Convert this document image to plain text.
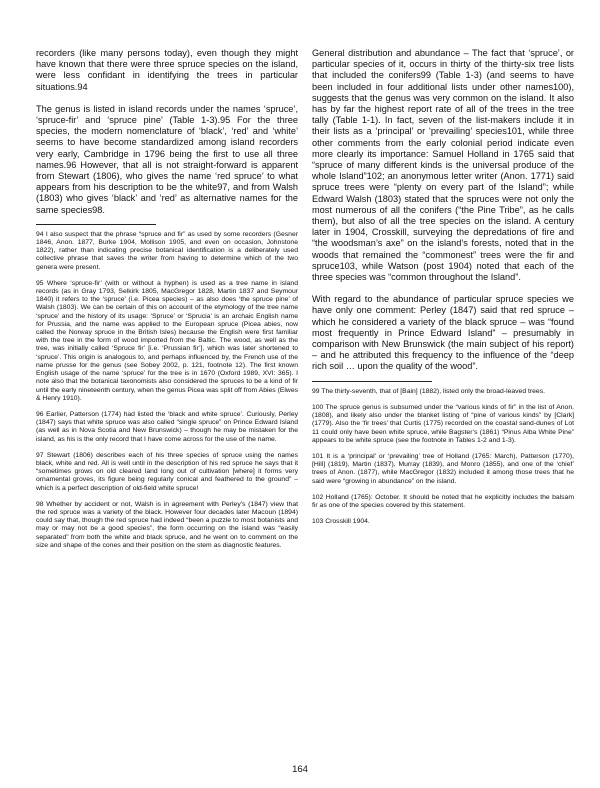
recorders (like many persons today), even though they might have known that there were three spruce species on the island, were less confidant in identifying the trees in particular situations.94

The genus is listed in island records under the names ‘spruce’, ‘spruce-fir’ and ‘spruce pine’ (Table 1-3).95 For the three species, the modern nomenclature of ‘black’, ‘red’ and ‘white’ seems to have become standardized among island recorders very early, Cambridge in 1796 being the first to use all three names.96 However, that all is not straight-forward is apparent from Stewart (1806), who gives the name ‘red spruce’ to what appears from his description to be the white97, and from Walsh (1803) who gives ‘black’ and ‘red’ as alternative names for the same species98.

94 I also suspect that the phrase “spruce and fir” as used by some recorders (Gesner 1846, Anon. 1877, Burke 1904, Mollison 1905, and even on occasion, Johnstone 1822), rather than indicating precise botanical identification is a deliberately used collective phrase that saves the writer from having to determine which of the two genera were present.

95 Where ‘spruce-fir’ (with or without a hyphen) is used as a tree name in island records (as in Gray 1793, Selkirk 1805, MacGregor 1828, Martin 1837 and Seymour 1840) it refers to the ‘spruce’ (i.e. Picea species) – as also does ‘the spruce pine’ of Walsh (1803). We can be certain of this on account of the etymology of the tree name ‘spruce’ and the history of its usage: ‘Spruce’ or ‘Sprucia’ is an archaic English name for Prussia, and the name was applied to the European spruce (Picea abies, now called the Norway spruce in the British Isles) because the English were first familiar with the tree in the form of wood imported from the Baltic. The wood, as well as the tree, was initially called ‘Spruce fir’ [i.e. ‘Prussian fir’], which was later shortened to ‘spruce’. This origin is analogous to, and perhaps influenced by, the French use of the name prusse for the genus (see Sobey 2002, p. 121, footnote 12). The first known English usage of the name ‘spruce’ for the tree is in 1670 (Oxford 1989, XVI: 365). I note also that the botanical taxonomists also considered the spruces to be a kind of fir until the early nineteenth century, when the genus Picea was split off from Abies (Elwes & Henry 1910).

96 Earlier, Patterson (1774) had listed the ‘black and white spruce’. Curiously, Perley (1847) says that white spruce was also called “single spruce” on Prince Edward Island (as well as in Nova Scotia and New Brunswick) – though he may be mistaken for the island, as his is the only record that I have come across for the use of the name.

97 Stewart (1806) describes each of his three species of spruce using the names black, white and red. All is well until in the description of his red spruce he says that it “sometimes grows on old cleared land long out of cultivation [where] it forms very ornamental groves, its figure being regularly conical and feathered to the ground” – which is a perfect description of old-field white spruce!

98 Whether by accident or not, Walsh is in agreement with Perley’s (1847) view that the red spruce was a variety of the black. However four decades later Macoun (1894) could say that, though the red spruce had indeed “been a puzzle to most botanists and may or may not be a good species”, the form occurring on the island was “easily separated” from both the white and black spruce, and he went on to comment on the size and shape of the cones and their position on the stem as diagnostic features.

General distribution and abundance – The fact that ‘spruce’, or particular species of it, occurs in thirty of the thirty-six tree lists that included the conifers99 (Table 1-3) (and seems to have been included in four additional lists under other names100), suggests that the genus was very common on the island. It also has by far the highest report rate of all of the trees in the tree tally (Table 1-1). In fact, seven of the list-makers include it in their lists as a ‘principal’ or ‘prevailing’ species101, while three other comments from the early colonial period indicate even more clearly its importance: Samuel Holland in 1765 said that “spruce of many different kinds is the universal produce of the whole Island”102; an anonymous letter writer (Anon. 1771) said spruce trees were “plenty on every part of the Island”; while Edward Walsh (1803) stated that the spruces were not only the most numerous of all the conifers (“the Pine Tribe”, as he calls them), but also of all the tree species on the island. A century later in 1904, Crosskill, surveying the depredations of fire and “the woodsman’s axe” on the island’s forests, noted that in the woods that remained the “commonest” trees were the fir and spruce103, while Watson (post 1904) noted that each of the three species was “common throughout the Island”.

With regard to the abundance of particular spruce species we have only one comment: Perley (1847) said that red spruce – which he considered a variety of the black spruce – was “found most frequently in Prince Edward Island” – presumably in comparison with New Brunswick (the main subject of his report) – and he attributed this frequency to the influence of the “deep rich soil … upon the quality of the wood”.

99 The thirty-seventh, that of [Bain] (1882), listed only the broad-leaved trees.

100 The spruce genus is subsumed under the “various kinds of fir” in the list of Anon. (1808), and likely also under the blanket listing of “pine of various kinds” by [Clark] (1779). Also the ‘fir trees’ that Curtis (1775) recorded on the coastal sand-dunes of Lot 11 could only have been white spruce, while Bagster’s (1861) “Pinus Alba White Pine” appears to be white spruce (see the footnote in Tables 1-2 and 1-3).

101 It is a ‘principal’ or ‘prevailing’ tree of Holland (1765: March), Patterson (1770), [Hill] (1819), Martin (1837), Murray (1839), and Monro (1855), and one of the ‘chief’ trees of Anon. (1877), while MacGregor (1832) included it among those trees that he said were “growing in abundance” on the island.

102 Holland (1765): October. It should be noted that he explicitly includes the balsam fir as one of the species covered by this statement.

103 Crosskill 1904.

164
